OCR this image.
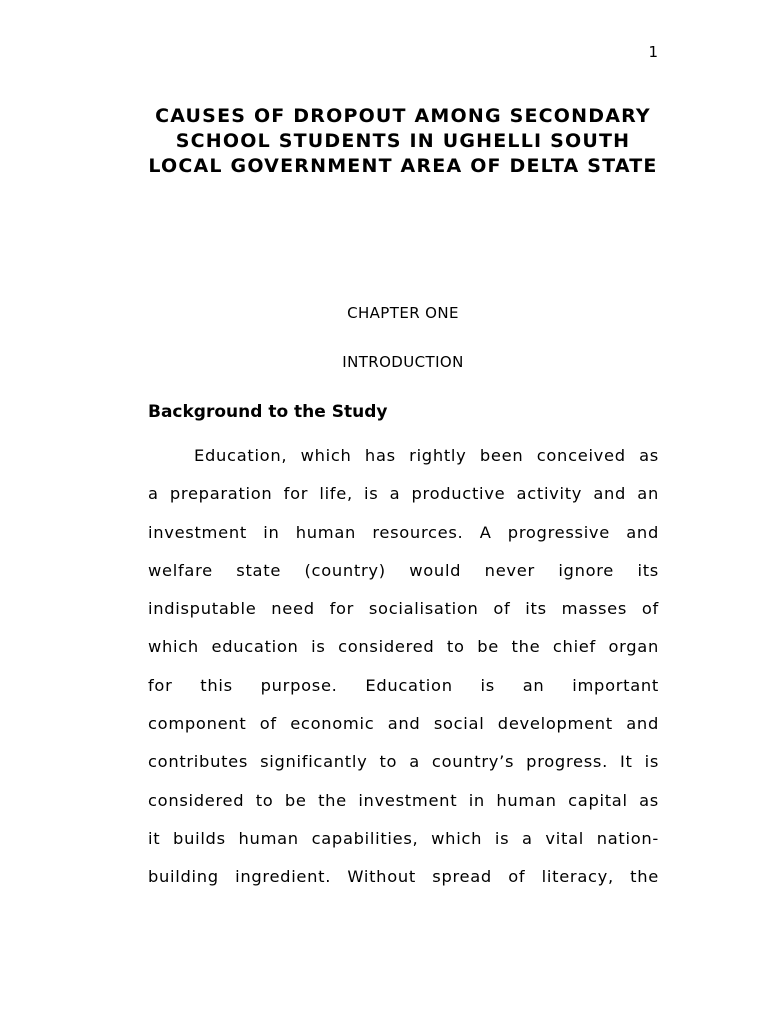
1
CAUSES OF DROPOUT AMONG SECONDARY SCHOOL STUDENTS IN UGHELLI SOUTH LOCAL GOVERNMENT AREA OF DELTA STATE
CHAPTER ONE
INTRODUCTION
Background to the Study
Education, which has rightly been conceived as
a preparation for life, is a productive activity and an
investment in human resources. A progressive and
welfare state (country) would never ignore its
indisputable need for socialisation of its masses of
which education is considered to be the chief organ
for this purpose. Education is an important
component of economic and social development and
contributes significantly to a country’s progress. It is
considered to be the investment in human capital as
it builds human capabilities, which is a vital nation-
building ingredient. Without spread of literacy, the
